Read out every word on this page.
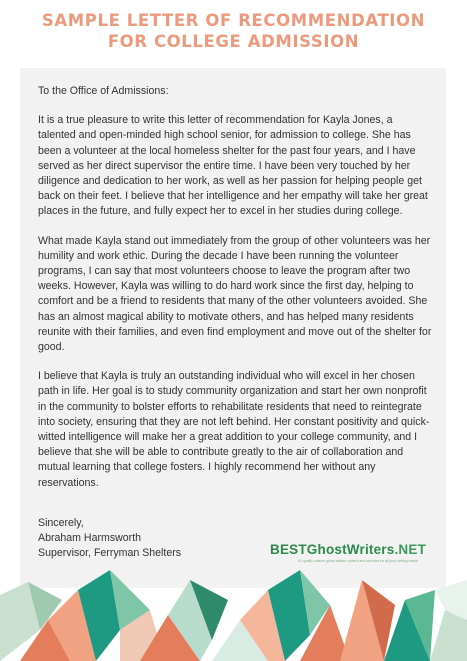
SAMPLE LETTER OF RECOMMENDATION
FOR COLLEGE ADMISSION

To the Office of Admissions:

It is a true pleasure to write this letter of recommendation for Kayla Jones, a talented and open-minded high school senior, for admission to college. She has been a volunteer at the local homeless shelter for the past four years, and I have served as her direct supervisor the entire time. I have been very touched by her diligence and dedication to her work, as well as her passion for helping people get back on their feet. I believe that her intelligence and her empathy will take her great places in the future, and fully expect her to excel in her studies during college.

What made Kayla stand out immediately from the group of other volunteers was her humility and work ethic. During the decade I have been running the volunteer programs, I can say that most volunteers choose to leave the program after two weeks. However, Kayla was willing to do hard work since the first day, helping to comfort and be a friend to residents that many of the other volunteers avoided. She has an almost magical ability to motivate others, and has helped many residents reunite with their families, and even find employment and move out of the shelter for good.

I believe that Kayla is truly an outstanding individual who will excel in her chosen path in life. Her goal is to study community organization and start her own nonprofit in the community to bolster efforts to rehabilitate residents that need to reintegrate into society, ensuring that they are not left behind. Her constant positivity and quick-witted intelligence will make her a great addition to your college community, and I believe that she will be able to contribute greatly to the air of collaboration and mutual learning that college fosters. I highly recommend her without any reservations.

Sincerely,
Abraham Harmsworth
Supervisor, Ferryman Shelters	BESTGhostWriters.NET
#1 quality custom ghost written content and services for all your writing needs
